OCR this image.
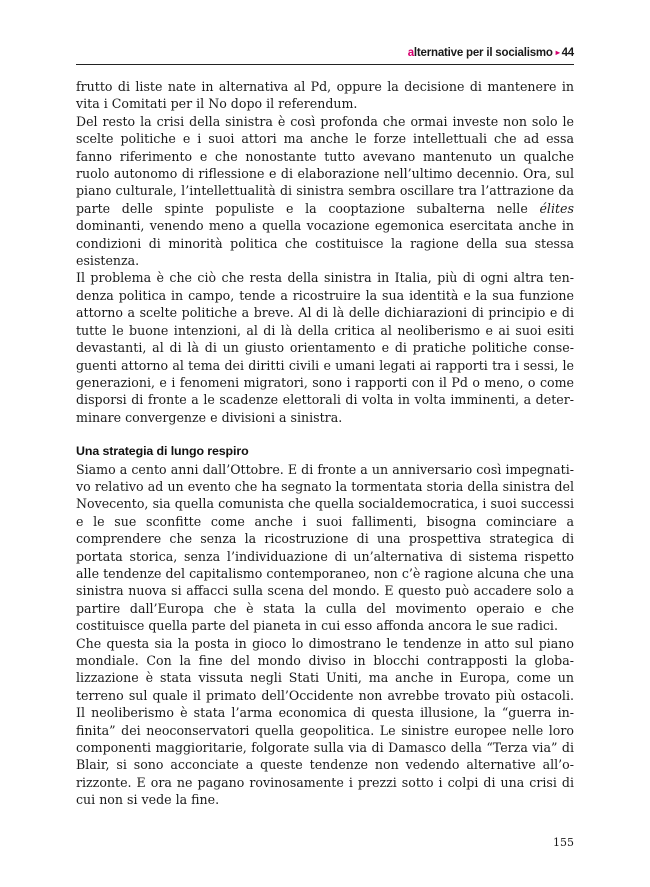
alternative per il socialismo ▸ 44

frutto di liste nate in alternativa al Pd, oppure la decisione di mantenere in vita i Comitati per il No dopo il referendum.

Del resto la crisi della sinistra è così profonda che ormai investe non solo le scelte politiche e i suoi attori ma anche le forze intellettuali che ad essa fanno riferimento e che nonostante tutto avevano mantenuto un qualche ruolo autonomo di riflessione e di elaborazione nell’ultimo decennio. Ora, sul piano culturale, l’intellettualità di sinistra sembra oscillare tra l’attrazione da parte delle spinte populiste e la cooptazione subalterna nelle élites dominanti, venendo meno a quella vocazione egemonica esercitata anche in condizioni di minorità politica che costituisce la ragione della sua stessa esistenza.

Il problema è che ciò che resta della sinistra in Italia, più di ogni altra tendenza politica in campo, tende a ricostruire la sua identità e la sua funzione attorno a scelte politiche a breve. Al di là delle dichiarazioni di principio e di tutte le buone intenzioni, al di là della critica al neoliberismo e ai suoi esiti devastanti, al di là di un giusto orientamento e di pratiche politiche conseguenti attorno al tema dei diritti civili e umani legati ai rapporti tra i sessi, le generazioni, e i fenomeni migratori, sono i rapporti con il Pd o meno, o come disporsi di fronte a le scadenze elettorali di volta in volta imminenti, a determinare convergenze e divisioni a sinistra.

Una strategia di lungo respiro

Siamo a cento anni dall’Ottobre. E di fronte a un anniversario così impegnativo relativo ad un evento che ha segnato la tormentata storia della sinistra del Novecento, sia quella comunista che quella socialdemocratica, i suoi successi e le sue sconfitte come anche i suoi fallimenti, bisogna cominciare a comprendere che senza la ricostruzione di una prospettiva strategica di portata storica, senza l’individuazione di un’alternativa di sistema rispetto alle tendenze del capitalismo contemporaneo, non c’è ragione alcuna che una sinistra nuova si affacci sulla scena del mondo. E questo può accadere solo a partire dall’Europa che è stata la culla del movimento operaio e che costituisce quella parte del pianeta in cui esso affonda ancora le sue radici.

Che questa sia la posta in gioco lo dimostrano le tendenze in atto sul piano mondiale. Con la fine del mondo diviso in blocchi contrapposti la globalizzazione è stata vissuta negli Stati Uniti, ma anche in Europa, come un terreno sul quale il primato dell’Occidente non avrebbe trovato più ostacoli. Il neoliberismo è stata l’arma economica di questa illusione, la “guerra infinita” dei neoconservatori quella geopolitica. Le sinistre europee nelle loro componenti maggioritarie, folgorate sulla via di Damasco della “Terza via” di Blair, si sono acconciate a queste tendenze non vedendo alternative all’orizzonte. E ora ne pagano rovinosamente i prezzi sotto i colpi di una crisi di cui non si vede la fine.

155
